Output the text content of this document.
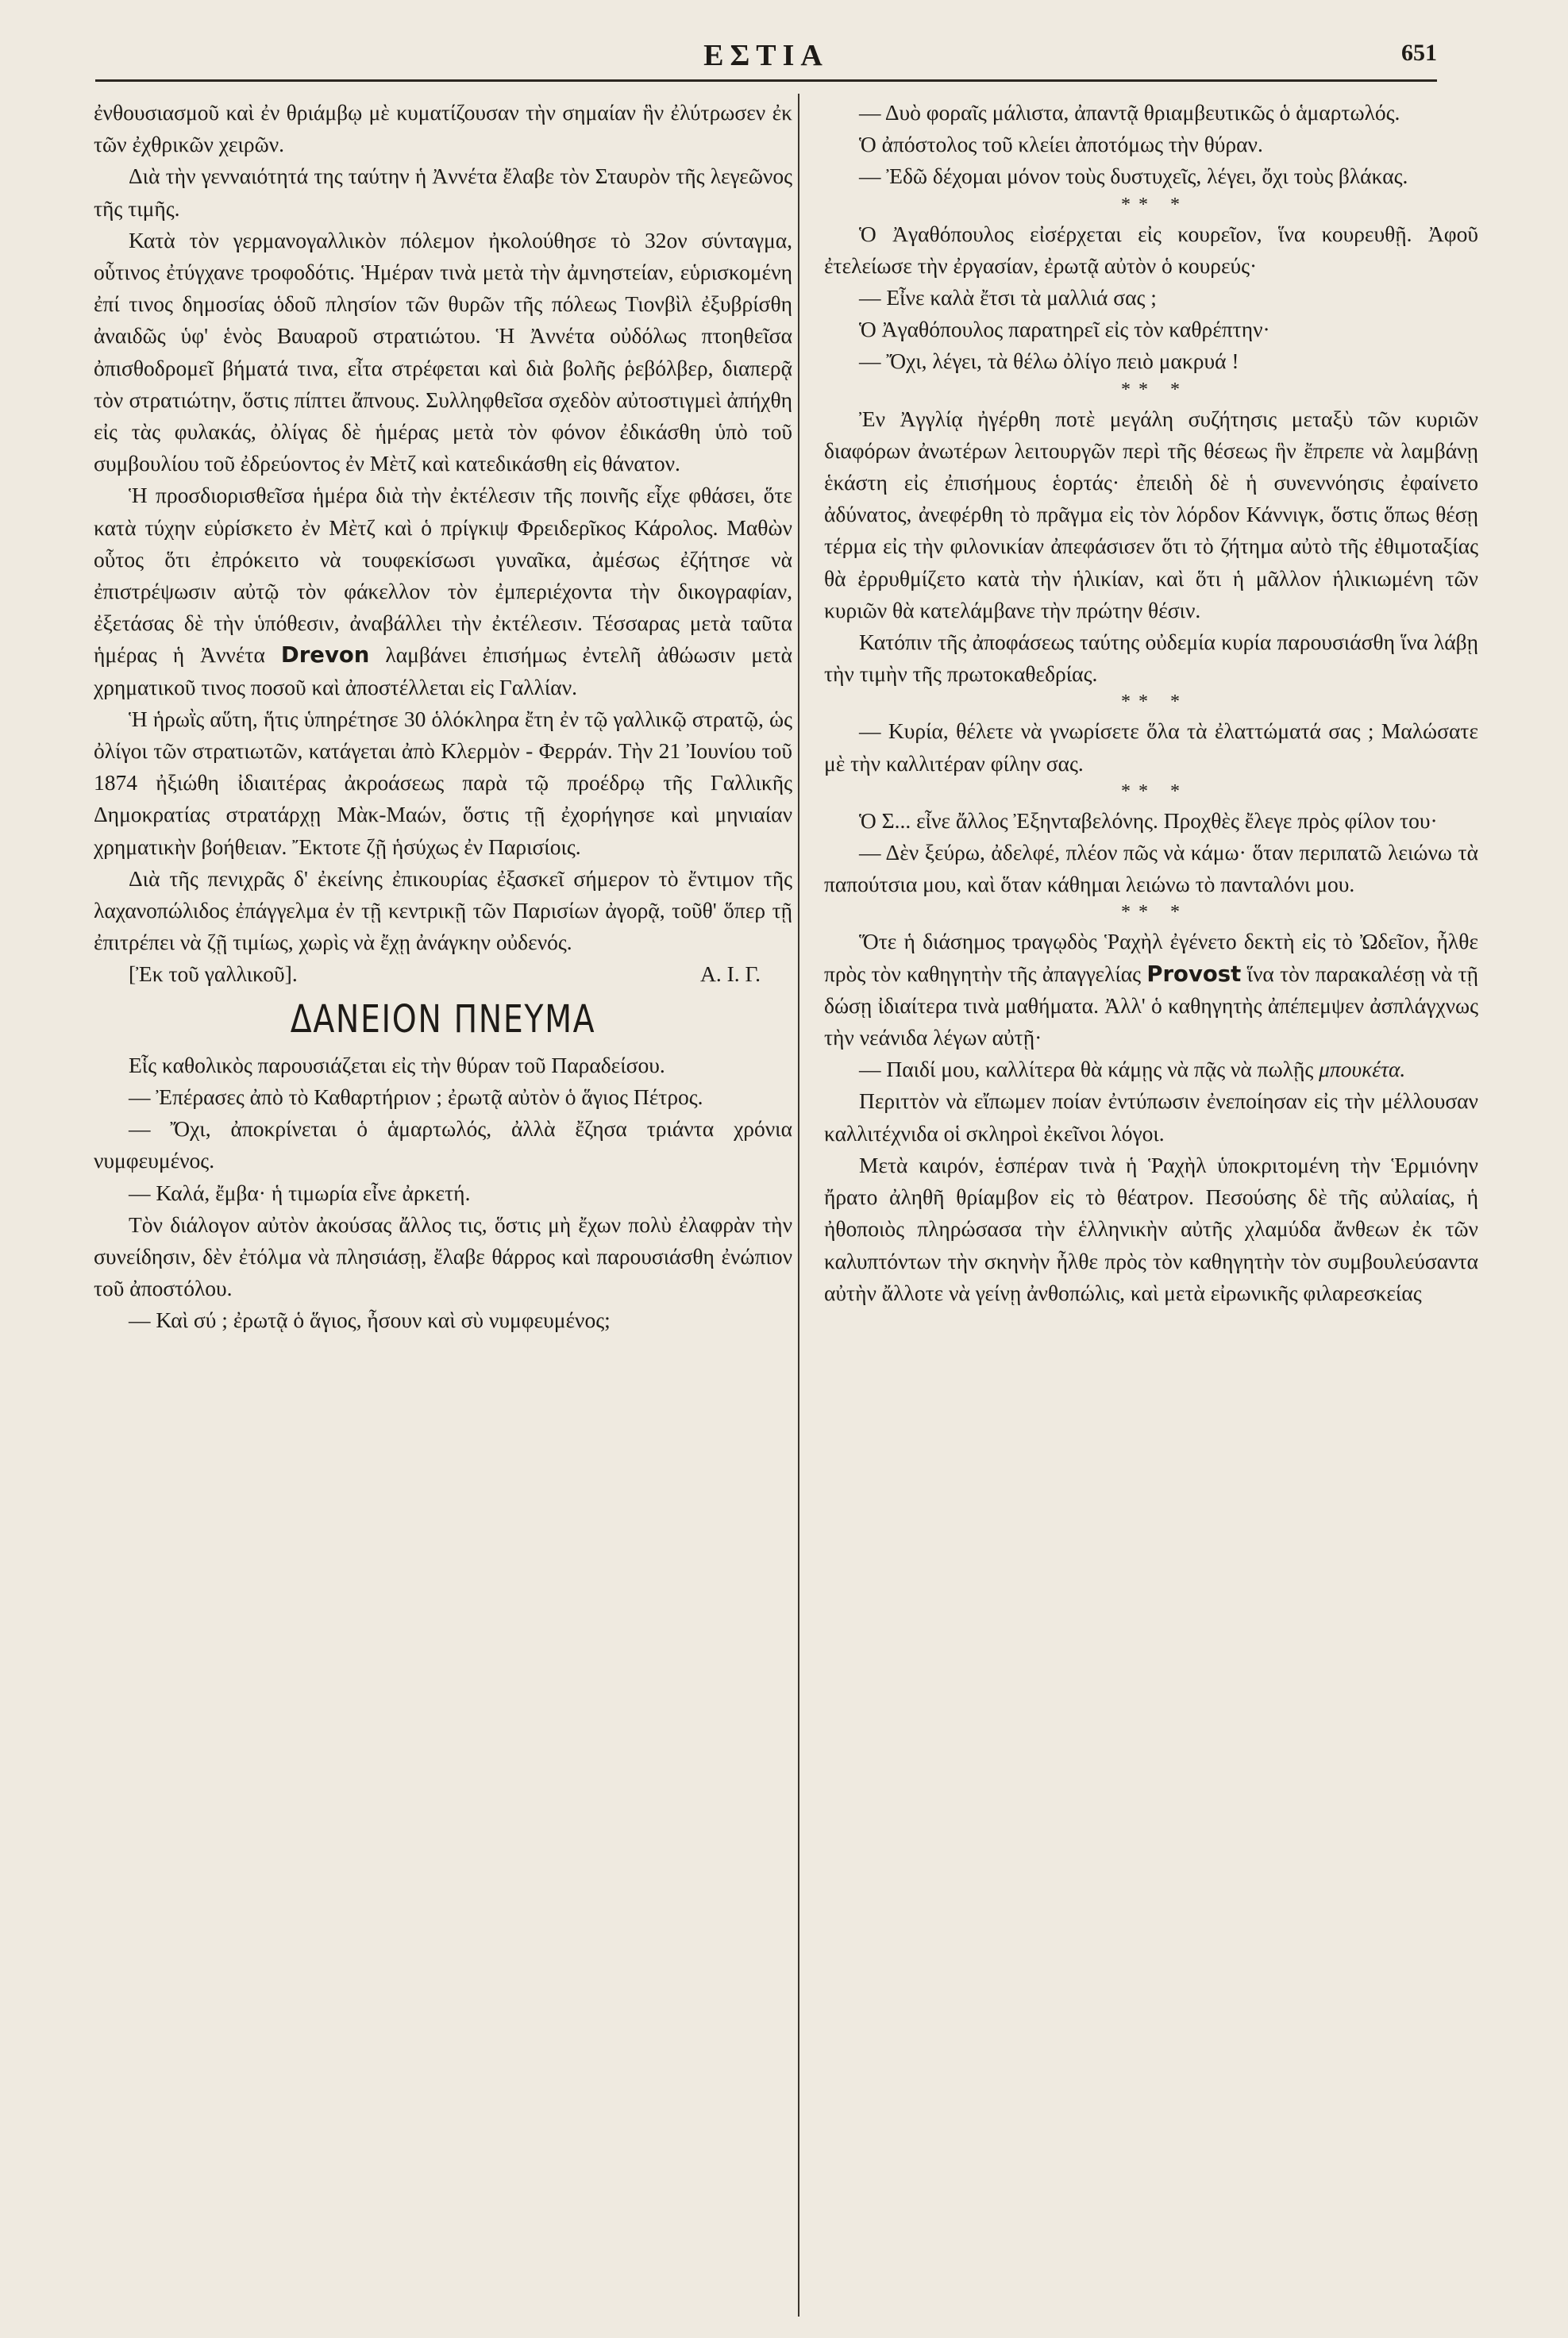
ΕΣΤΙΑ	651

ἐνθουσιασμοῦ καὶ ἐν θριάμβῳ μὲ κυματίζουσαν τὴν σημαίαν ἣν ἐλύτρωσεν ἐκ τῶν ἐχθρικῶν χειρῶν.

Διὰ τὴν γενναιότητά της ταύτην ἡ Ἀννέτα ἔλαβε τὸν Σταυρὸν τῆς λεγεῶνος τῆς τιμῆς.

Κατὰ τὸν γερμανογαλλικὸν πόλεμον ἠκολούθησε τὸ 32ον σύνταγμα, οὗτινος ἐτύγχανε τροφοδότις. Ἡμέραν τινὰ μετὰ τὴν ἀμνηστείαν, εὑρισκομένη ἐπί τινος δημοσίας ὁδοῦ πλησίον τῶν θυρῶν τῆς πόλεως Τιονβὶλ ἐξυβρίσθη ἀναιδῶς ὑφ' ἑνὸς Βαυαροῦ στρατιώτου. Ἡ Ἀννέτα οὐδόλως πτοηθεῖσα ὀπισθοδρομεῖ βήματά τινα, εἶτα στρέφεται καὶ διὰ βολῆς ῥεβόλβερ, διαπερᾷ τὸν στρατιώτην, ὅστις πίπτει ἄπνους. Συλληφθεῖσα σχεδὸν αὐτοστιγμεὶ ἀπήχθη εἰς τὰς φυλακάς, ὀλίγας δὲ ἡμέρας μετὰ τὸν φόνον ἐδικάσθη ὑπὸ τοῦ συμβουλίου τοῦ ἐδρεύοντος ἐν Μὲτζ καὶ κατεδικάσθη εἰς θάνατον.

Ἡ προσδιορισθεῖσα ἡμέρα διὰ τὴν ἐκτέλεσιν τῆς ποινῆς εἶχε φθάσει, ὅτε κατὰ τύχην εὑρίσκετο ἐν Μὲτζ καὶ ὁ πρίγκιψ Φρειδερῖκος Κάρολος. Μαθὼν οὗτος ὅτι ἐπρόκειτο νὰ τουφεκίσωσι γυναῖκα, ἀμέσως ἐζήτησε νὰ ἐπιστρέψωσιν αὐτῷ τὸν φάκελλον τὸν ἐμπεριέχοντα τὴν δικογραφίαν, ἐξετάσας δὲ τὴν ὑπόθεσιν, ἀναβάλλει τὴν ἐκτέλεσιν. Τέσσαρας μετὰ ταῦτα ἡμέρας ἡ Ἀννέτα Drevon λαμβάνει ἐπισήμως ἐντελῆ ἀθώωσιν μετὰ χρηματικοῦ τινος ποσοῦ καὶ ἀποστέλλεται εἰς Γαλλίαν.

Ἡ ἡρωῒς αὕτη, ἥτις ὑπηρέτησε 30 ὁλόκληρα ἔτη ἐν τῷ γαλλικῷ στρατῷ, ὡς ὀλίγοι τῶν στρατιωτῶν, κατάγεται ἀπὸ Κλερμὸν - Φερράν. Τὴν 21 Ἰουνίου τοῦ 1874 ἠξιώθη ἰδιαιτέρας ἀκροάσεως παρὰ τῷ προέδρῳ τῆς Γαλλικῆς Δημοκρατίας στρατάρχῃ Μὰκ-Μαών, ὅστις τῇ ἐχορήγησε καὶ μηνιαίαν χρηματικὴν βοήθειαν. Ἔκτοτε ζῇ ἡσύχως ἐν Παρισίοις.

Διὰ τῆς πενιχρᾶς δ' ἐκείνης ἐπικουρίας ἐξασκεῖ σήμερον τὸ ἔντιμον τῆς λαχανοπώλιδος ἐπάγγελμα ἐν τῇ κεντρικῇ τῶν Παρισίων ἀγορᾷ, τοῦθ' ὅπερ τῇ ἐπιτρέπει νὰ ζῇ τιμίως, χωρὶς νὰ ἔχῃ ἀνάγκην οὐδενός.

[Ἐκ τοῦ γαλλικοῦ].	Α. Ι. Γ.
ΔΑΝΕΙΟΝ ΠΝΕΥΜΑ

Εἷς καθολικὸς παρουσιάζεται εἰς τὴν θύραν τοῦ Παραδείσου.

— Ἐπέρασες ἀπὸ τὸ Καθαρτήριον ; ἐρωτᾷ αὐτὸν ὁ ἅγιος Πέτρος.

— Ὄχι, ἀποκρίνεται ὁ ἁμαρτωλός, ἀλλὰ ἔζησα τριάντα χρόνια νυμφευμένος.

— Καλά, ἔμβα· ἡ τιμωρία εἶνε ἀρκετή.

Τὸν διάλογον αὐτὸν ἀκούσας ἄλλος τις, ὅστις μὴ ἔχων πολὺ ἐλαφρὰν τὴν συνείδησιν, δὲν ἐτόλμα νὰ πλησιάσῃ, ἔλαβε θάρρος καὶ παρουσιάσθη ἐνώπιον τοῦ ἀποστόλου.

— Καὶ σύ ; ἐρωτᾷ ὁ ἅγιος, ἦσουν καὶ σὺ νυμφευμένος;

— Δυὸ φοραῖς μάλιστα, ἀπαντᾷ θριαμβευτικῶς ὁ ἁμαρτωλός.

Ὁ ἀπόστολος τοῦ κλείει ἀποτόμως τὴν θύραν.

— Ἐδῶ δέχομαι μόνον τοὺς δυστυχεῖς, λέγει, ὄχι τοὺς βλάκας.

* * *

Ὁ Ἀγαθόπουλος εἰσέρχεται εἰς κουρεῖον, ἵνα κουρευθῇ. Ἀφοῦ ἐτελείωσε τὴν ἐργασίαν, ἐρωτᾷ αὐτὸν ὁ κουρεύς·

— Εἶνε καλὰ ἔτσι τὰ μαλλιά σας ;

Ὁ Ἀγαθόπουλος παρατηρεῖ εἰς τὸν καθρέπτην·

— Ὄχι, λέγει, τὰ θέλω ὀλίγο πειὸ μακρυά !

* * *

Ἐν Ἀγγλίᾳ ἠγέρθη ποτὲ μεγάλη συζήτησις μεταξὺ τῶν κυριῶν διαφόρων ἀνωτέρων λειτουργῶν περὶ τῆς θέσεως ἣν ἔπρεπε νὰ λαμβάνῃ ἑκάστη εἰς ἐπισήμους ἑορτάς· ἐπειδὴ δὲ ἡ συνεννόησις ἐφαίνετο ἀδύνατος, ἀνεφέρθη τὸ πρᾶγμα εἰς τὸν λόρδον Κάννιγκ, ὅστις ὅπως θέσῃ τέρμα εἰς τὴν φιλονικίαν ἀπεφάσισεν ὅτι τὸ ζήτημα αὐτὸ τῆς ἐθιμοταξίας θὰ ἐρρυθμίζετο κατὰ τὴν ἡλικίαν, καὶ ὅτι ἡ μᾶλλον ἡλικιωμένη τῶν κυριῶν θὰ κατελάμβανε τὴν πρώτην θέσιν.

Κατόπιν τῆς ἀποφάσεως ταύτης οὐδεμία κυρία παρουσιάσθη ἵνα λάβῃ τὴν τιμὴν τῆς πρωτοκαθεδρίας.

* * *

— Κυρία, θέλετε νὰ γνωρίσετε ὅλα τὰ ἐλαττώματά σας ; Μαλώσατε μὲ τὴν καλλιτέραν φίλην σας.

* * *

Ὁ Σ... εἶνε ἄλλος Ἐξηνταβελόνης. Προχθὲς ἔλεγε πρὸς φίλον του·

— Δὲν ξεύρω, ἀδελφέ, πλέον πῶς νὰ κάμω· ὅταν περιπατῶ λειώνω τὰ παπούτσια μου, καὶ ὅταν κάθημαι λειώνω τὸ πανταλόνι μου.

* * *

Ὅτε ἡ διάσημος τραγῳδὸς Ῥαχὴλ ἐγένετο δεκτὴ εἰς τὸ Ὠδεῖον, ἦλθε πρὸς τὸν καθηγητὴν τῆς ἀπαγγελίας Provost ἵνα τὸν παρακαλέσῃ νὰ τῇ δώσῃ ἰδιαίτερα τινὰ μαθήματα. Ἀλλ' ὁ καθηγητὴς ἀπέπεμψεν ἀσπλάγχνως τὴν νεάνιδα λέγων αὐτῇ·

— Παιδί μου, καλλίτερα θὰ κάμῃς νὰ πᾷς νὰ πωλῇς μπουκέτα.

Περιττὸν νὰ εἴπωμεν ποίαν ἐντύπωσιν ἐνεποίησαν εἰς τὴν μέλλουσαν καλλιτέχνιδα οἱ σκληροὶ ἐκεῖνοι λόγοι.

Μετὰ καιρόν, ἑσπέραν τινὰ ἡ Ῥαχὴλ ὑποκριτομένη τὴν Ἑρμιόνην ἤρατο ἀληθῆ θρίαμβον εἰς τὸ θέατρον. Πεσούσης δὲ τῆς αὐλαίας, ἡ ἠθοποιὸς πληρώσασα τὴν ἑλληνικὴν αὐτῆς χλαμύδα ἄνθεων ἐκ τῶν καλυπτόντων τὴν σκηνὴν ἦλθε πρὸς τὸν καθηγητὴν τὸν συμβουλεύσαντα αὐτὴν ἄλλοτε νὰ γείνῃ ἀνθοπώλις, καὶ μετὰ εἰρωνικῆς φιλαρεσκείας
